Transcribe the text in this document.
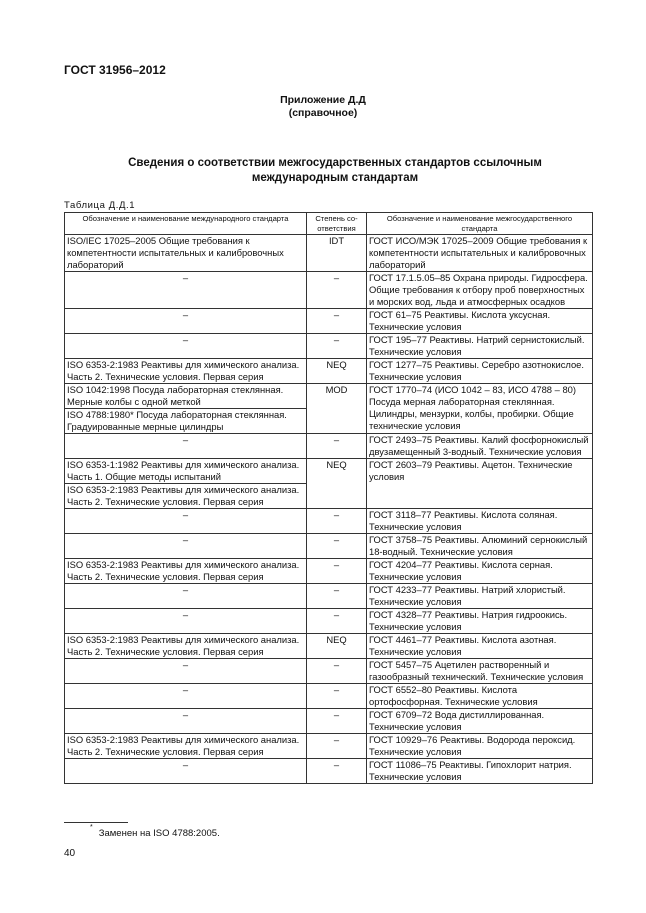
ГОСТ 31956–2012
Приложение Д.Д
(справочное)
Сведения о соответствии межгосударственных стандартов ссылочным международным стандартам
Таблица Д.Д.1
Обозначение и наименование международного стандарта	Степень со-ответствия	Обозначение и наименование межгосударственного стандарта
ISO/IEC 17025–2005 Общие требования к компетентности испытательных и калибровочных лабораторий	IDT	ГОСТ ИСО/МЭК 17025–2009 Общие требования к компетентности испытательных и калибровочных лабораторий
–	–	ГОСТ 17.1.5.05–85 Охрана природы. Гидросфера. Общие требования к отбору проб поверхностных и морских вод, льда и атмосферных осадков
–	–	ГОСТ 61–75 Реактивы. Кислота уксусная. Технические условия
–	–	ГОСТ 195–77 Реактивы. Натрий сернистокислый. Технические условия
ISO 6353-2:1983 Реактивы для химического анализа. Часть 2. Технические условия. Первая серия	NEQ	ГОСТ 1277–75 Реактивы. Серебро азотнокислое. Технические условия
ISO 1042:1998 Посуда лабораторная стеклянная. Мерные колбы с одной меткой	MOD	ГОСТ 1770–74 (ИСО 1042 – 83, ИСО 4788 – 80) Посуда мерная лабораторная стеклянная. Цилиндры, мензурки, колбы, пробирки. Общие технические условия
ISO 4788:1980* Посуда лабораторная стеклянная. Градуированные мерные цилиндры		
–	–	ГОСТ 2493–75 Реактивы. Калий фосфорнокислый двузамещенный 3-водный. Технические условия
ISO 6353-1:1982 Реактивы для химического анализа. Часть 1. Общие методы испытаний	NEQ	ГОСТ 2603–79 Реактивы. Ацетон. Технические условия
ISO 6353-2:1983 Реактивы для химического анализа. Часть 2. Технические условия. Первая серия		
–	–	ГОСТ 3118–77 Реактивы. Кислота соляная. Технические условия
–	–	ГОСТ 3758–75 Реактивы. Алюминий сернокислый 18-водный. Технические условия
ISO 6353-2:1983 Реактивы для химического анализа. Часть 2. Технические условия. Первая серия	–	ГОСТ 4204–77 Реактивы. Кислота серная. Технические условия
–	–	ГОСТ 4233–77 Реактивы. Натрий хлористый. Технические условия
–	–	ГОСТ 4328–77 Реактивы. Натрия гидроокись. Технические условия
ISO 6353-2:1983 Реактивы для химического анализа. Часть 2. Технические условия. Первая серия	NEQ	ГОСТ 4461–77 Реактивы. Кислота азотная. Технические условия
–	–	ГОСТ 5457–75 Ацетилен растворенный и газообразный технический. Технические условия
–	–	ГОСТ 6552–80 Реактивы. Кислота ортофосфорная. Технические условия
–	–	ГОСТ 6709–72 Вода дистиллированная. Технические условия
ISO 6353-2:1983 Реактивы для химического анализа. Часть 2. Технические условия. Первая серия	–	ГОСТ 10929–76 Реактивы. Водорода пероксид. Технические условия
–	–	ГОСТ 11086–75 Реактивы. Гипохлорит натрия. Технические условия
*Заменен на ISO 4788:2005.
40
